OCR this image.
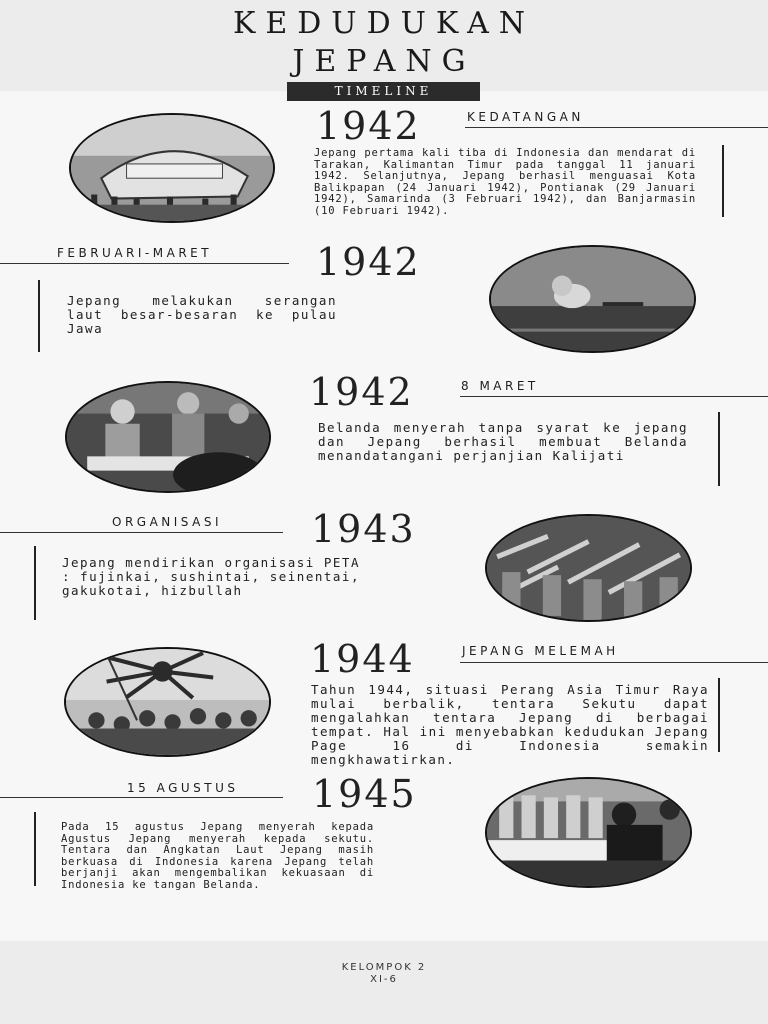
KEDUDUKAN
JEPANG
TIMELINE
1942	KEDATANGAN
Jepang pertama kali tiba di Indonesia dan mendarat di Tarakan, Kalimantan Timur pada tanggal 11 januari 1942. Selanjutnya, Jepang berhasil menguasai Kota Balikpapan (24 Januari 1942), Pontianak (29 Januari 1942), Samarinda (3 Februari 1942), dan Banjarmasin (10 Februari 1942).
FEBRUARI-MARET	1942
Jepang melakukan serangan laut besar-besaran ke pulau Jawa
1942	8 MARET
Belanda menyerah tanpa syarat ke jepang dan Jepang berhasil membuat Belanda menandatangani perjanjian Kalijati
ORGANISASI 1943
Jepang mendirikan organisasi PETA : fujinkai, sushintai, seinentai, gakukotai, hizbullah
1944	JEPANG MELEMAH
Tahun 1944, situasi Perang Asia Timur Raya mulai berbalik, tentara Sekutu dapat mengalahkan tentara Jepang di berbagai tempat. Hal ini menyebabkan kedudukan Jepang Page 16 di Indonesia semakin mengkhawatirkan.
15 AGUSTUS 1945
Pada 15 agustus Jepang menyerah kepada Agustus Jepang menyerah kepada sekutu. Tentara dan Angkatan Laut Jepang masih berkuasa di Indonesia karena Jepang telah berjanji akan mengembalikan kekuasaan di Indonesia ke tangan Belanda.
KELOMPOK 2
XI-6
